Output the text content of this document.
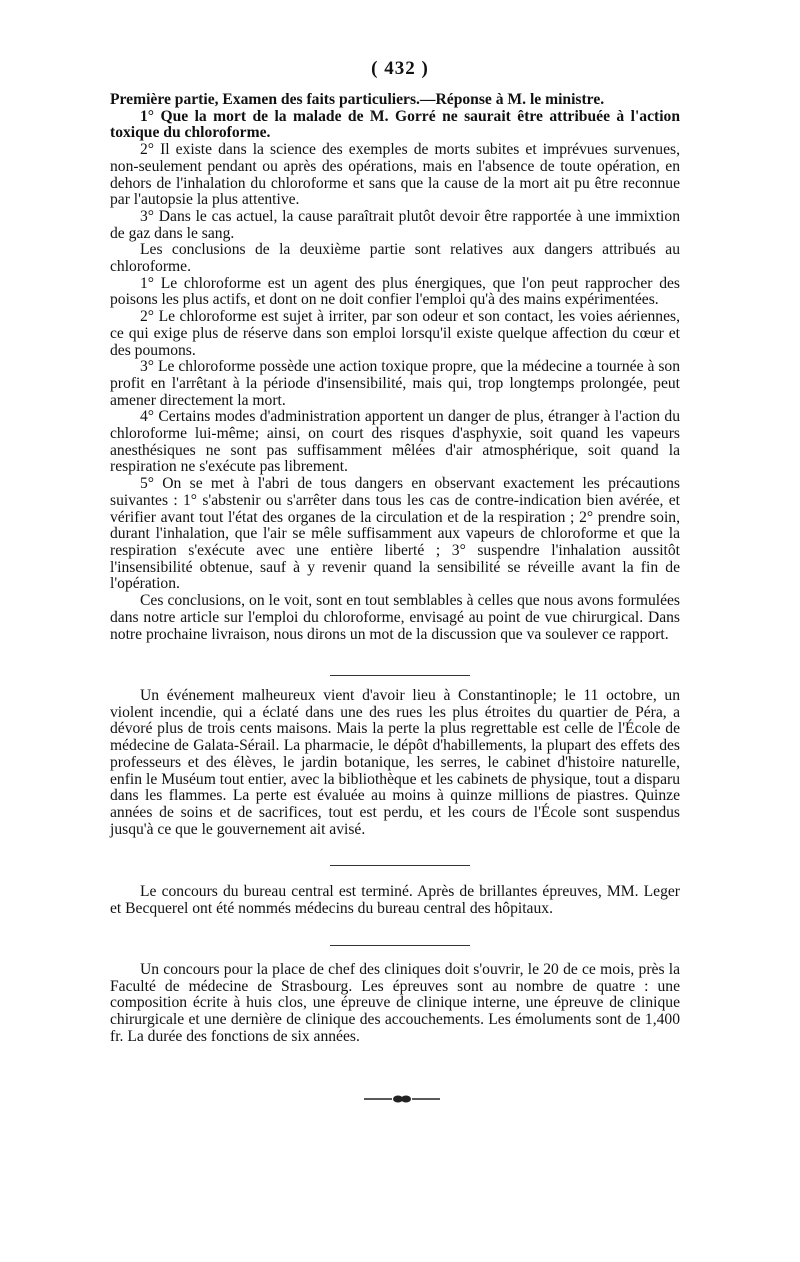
( 432 )

Première partie, Examen des faits particuliers.—Réponse à M. le ministre.

1° Que la mort de la malade de M. Gorré ne saurait être attribuée à l'action toxique du chloroforme.

2° Il existe dans la science des exemples de morts subites et imprévues survenues, non-seulement pendant ou après des opérations, mais en l'absence de toute opération, en dehors de l'inhalation du chloroforme et sans que la cause de la mort ait pu être reconnue par l'autopsie la plus attentive.

3° Dans le cas actuel, la cause paraîtrait plutôt devoir être rapportée à une immixtion de gaz dans le sang.

Les conclusions de la deuxième partie sont relatives aux dangers attribués au chloroforme.

1° Le chloroforme est un agent des plus énergiques, que l'on peut rapprocher des poisons les plus actifs, et dont on ne doit confier l'emploi qu'à des mains expérimentées.

2° Le chloroforme est sujet à irriter, par son odeur et son contact, les voies aériennes, ce qui exige plus de réserve dans son emploi lorsqu'il existe quelque affection du cœur et des poumons.

3° Le chloroforme possède une action toxique propre, que la médecine a tournée à son profit en l'arrêtant à la période d'insensibilité, mais qui, trop longtemps prolongée, peut amener directement la mort.

4° Certains modes d'administration apportent un danger de plus, étranger à l'action du chloroforme lui-même; ainsi, on court des risques d'asphyxie, soit quand les vapeurs anesthésiques ne sont pas suffisamment mêlées d'air atmosphérique, soit quand la respiration ne s'exécute pas librement.

5° On se met à l'abri de tous dangers en observant exactement les précautions suivantes : 1° s'abstenir ou s'arrêter dans tous les cas de contre-indication bien avérée, et vérifier avant tout l'état des organes de la circulation et de la respiration ; 2° prendre soin, durant l'inhalation, que l'air se mêle suffisamment aux vapeurs de chloroforme et que la respiration s'exécute avec une entière liberté ; 3° suspendre l'inhalation aussitôt l'insensibilité obtenue, sauf à y revenir quand la sensibilité se réveille avant la fin de l'opération.

Ces conclusions, on le voit, sont en tout semblables à celles que nous avons formulées dans notre article sur l'emploi du chloroforme, envisagé au point de vue chirurgical. Dans notre prochaine livraison, nous dirons un mot de la discussion que va soulever ce rapport.

Un événement malheureux vient d'avoir lieu à Constantinople; le 11 octobre, un violent incendie, qui a éclaté dans une des rues les plus étroites du quartier de Péra, a dévoré plus de trois cents maisons. Mais la perte la plus regrettable est celle de l'École de médecine de Galata-Sérail. La pharmacie, le dépôt d'habillements, la plupart des effets des professeurs et des élèves, le jardin botanique, les serres, le cabinet d'histoire naturelle, enfin le Muséum tout entier, avec la bibliothèque et les cabinets de physique, tout a disparu dans les flammes. La perte est évaluée au moins à quinze millions de piastres. Quinze années de soins et de sacrifices, tout est perdu, et les cours de l'École sont suspendus jusqu'à ce que le gouvernement ait avisé.

Le concours du bureau central est terminé. Après de brillantes épreuves, MM. Leger et Becquerel ont été nommés médecins du bureau central des hôpitaux.

Un concours pour la place de chef des cliniques doit s'ouvrir, le 20 de ce mois, près la Faculté de médecine de Strasbourg. Les épreuves sont au nombre de quatre : une composition écrite à huis clos, une épreuve de clinique interne, une épreuve de clinique chirurgicale et une dernière de clinique des accouchements. Les émoluments sont de 1,400 fr. La durée des fonctions de six années.
